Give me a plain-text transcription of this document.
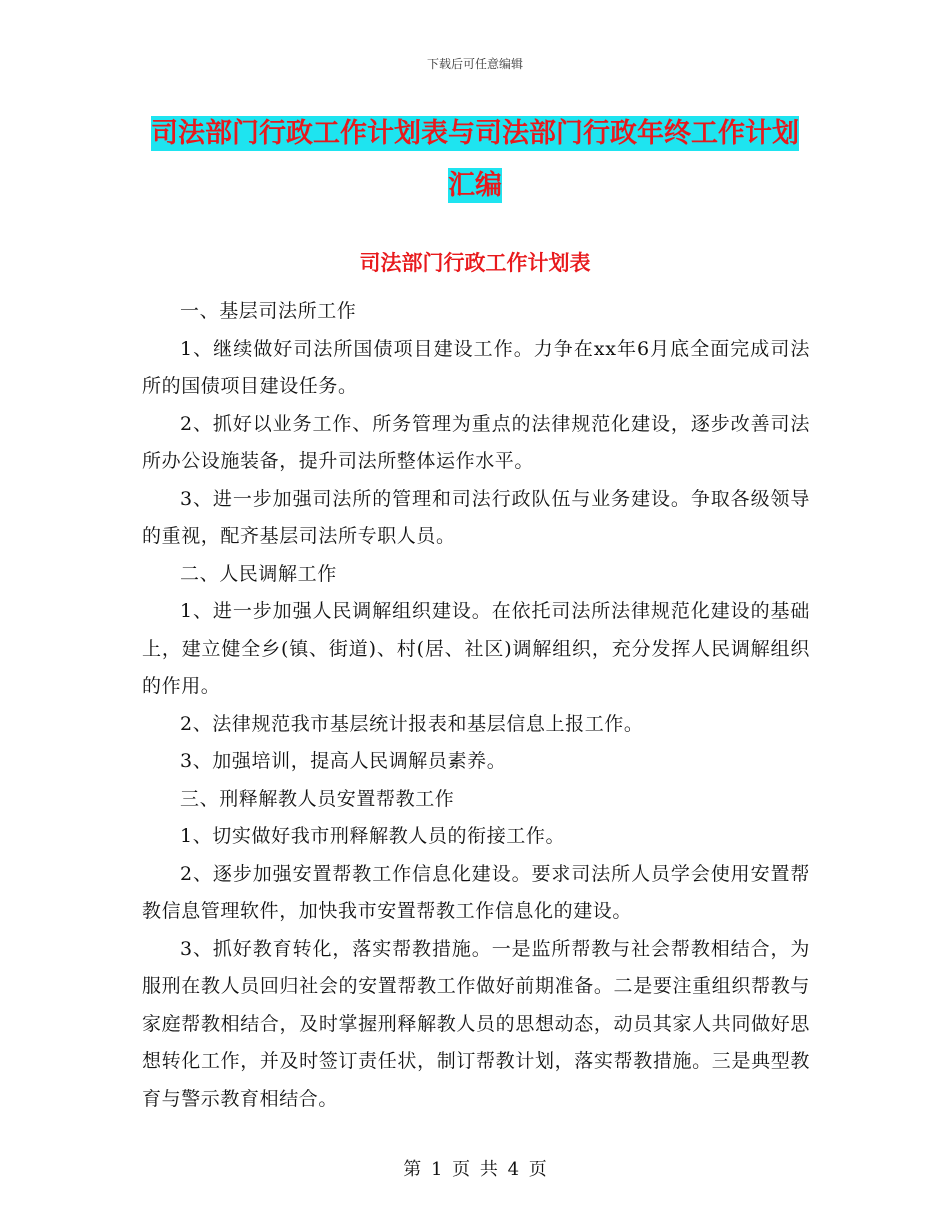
下载后可任意编辑
司法部门行政工作计划表与司法部门行政年终工作计划汇编
司法部门行政工作计划表

一、基层司法所工作

1、继续做好司法所国债项目建设工作。力争在xx年6月底全面完成司法所的国债项目建设任务。

2、抓好以业务工作、所务管理为重点的法律规范化建设，逐步改善司法所办公设施装备，提升司法所整体运作水平。

3、进一步加强司法所的管理和司法行政队伍与业务建设。争取各级领导的重视，配齐基层司法所专职人员。

二、人民调解工作

1、进一步加强人民调解组织建设。在依托司法所法律规范化建设的基础上，建立健全乡(镇、街道)、村(居、社区)调解组织，充分发挥人民调解组织的作用。

2、法律规范我市基层统计报表和基层信息上报工作。

3、加强培训，提高人民调解员素养。

三、刑释解教人员安置帮教工作

1、切实做好我市刑释解教人员的衔接工作。

2、逐步加强安置帮教工作信息化建设。要求司法所人员学会使用安置帮教信息管理软件，加快我市安置帮教工作信息化的建设。

3、抓好教育转化，落实帮教措施。一是监所帮教与社会帮教相结合，为服刑在教人员回归社会的安置帮教工作做好前期准备。二是要注重组织帮教与家庭帮教相结合，及时掌握刑释解教人员的思想动态，动员其家人共同做好思想转化工作，并及时签订责任状，制订帮教计划，落实帮教措施。三是典型教育与警示教育相结合。

第 1 页 共 4 页
